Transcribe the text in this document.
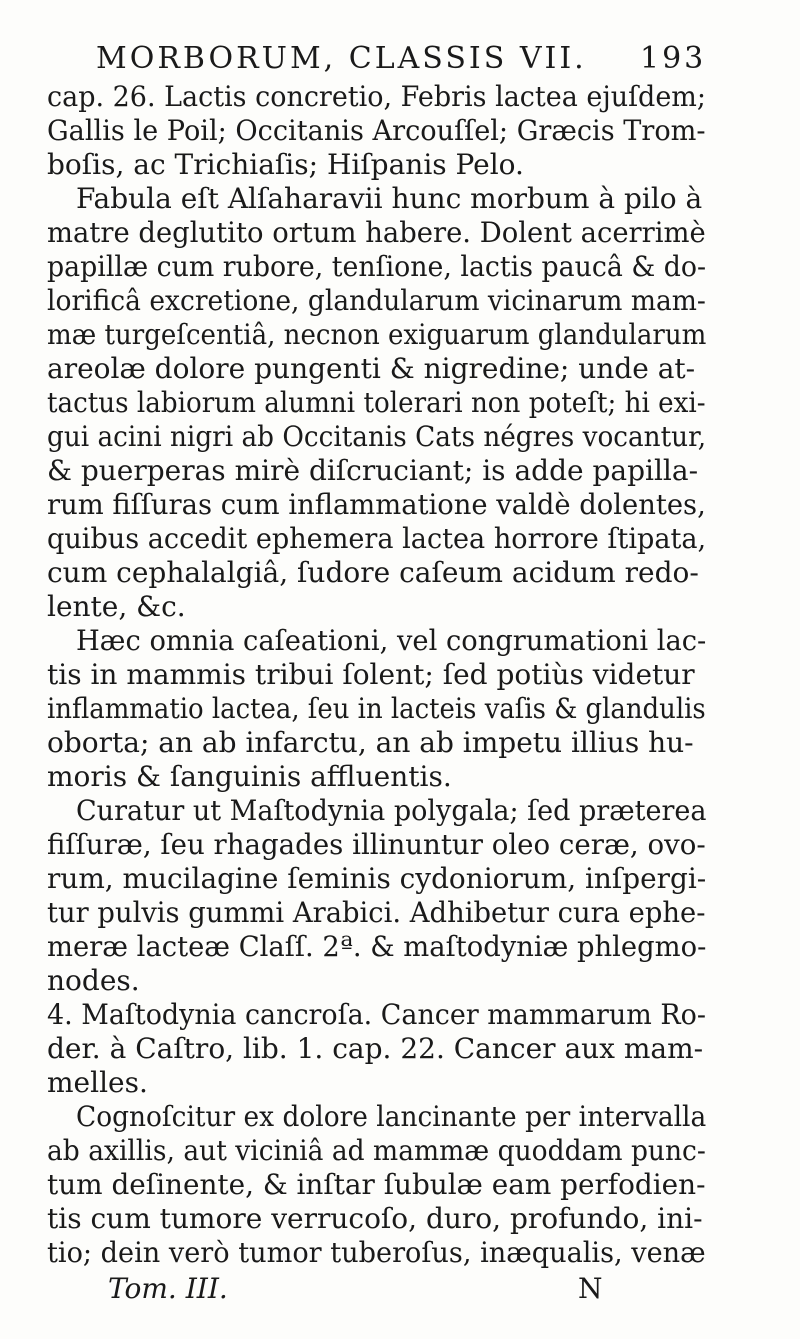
MORBORUM, CLASSIS VII. 193
cap. 26. Lactis concretio, Febris lactea ejuſdem;
Gallis le Poil; Occitanis Arcouſſel; Græcis Trom-
boſis, ac Trichiaſis; Hiſpanis Pelo.
Fabula eſt Alſaharavii hunc morbum à pilo à
matre deglutito ortum habere. Dolent acerrimè
papillæ cum rubore, tenſione, lactis paucâ & do-
lorificâ excretione, glandularum vicinarum mam-
mæ turgeſcentiâ, necnon exiguarum glandularum
areolæ dolore pungenti & nigredine; unde at-
tactus labiorum alumni tolerari non poteſt; hi exi-
gui acini nigri ab Occitanis Cats négres vocantur,
& puerperas mirè diſcruciant; is adde papilla-
rum fiſſuras cum inflammatione valdè dolentes,
quibus accedit ephemera lactea horrore ſtipata,
cum cephalalgiâ, ſudore caſeum acidum redo-
lente, &c.
Hæc omnia caſeationi, vel congrumationi lac-
tis in mammis tribui ſolent; ſed potiùs videtur
inflammatio lactea, ſeu in lacteis vaſis & glandulis
oborta; an ab infarctu, an ab impetu illius hu-
moris & ſanguinis affluentis.
Curatur ut Maſtodynia polygala; ſed præterea
fiſſuræ, ſeu rhagades illinuntur oleo ceræ, ovo-
rum, mucilagine ſeminis cydoniorum, inſpergi-
tur pulvis gummi Arabici. Adhibetur cura ephe-
meræ lacteæ Claſſ. 2ª. & maſtodyniæ phlegmo-
nodes.
4. Maſtodynia cancroſa. Cancer mammarum Ro-
der. à Caſtro, lib. 1. cap. 22. Cancer aux mam-
melles.
Cognoſcitur ex dolore lancinante per intervalla
ab axillis, aut viciniâ ad mammæ quoddam punc-
tum deſinente, & inſtar ſubulæ eam perfodien-
tis cum tumore verrucoſo, duro, profundo, ini-
tio; dein verò tumor tuberoſus, inæqualis, venæ
Tom. III.	N
